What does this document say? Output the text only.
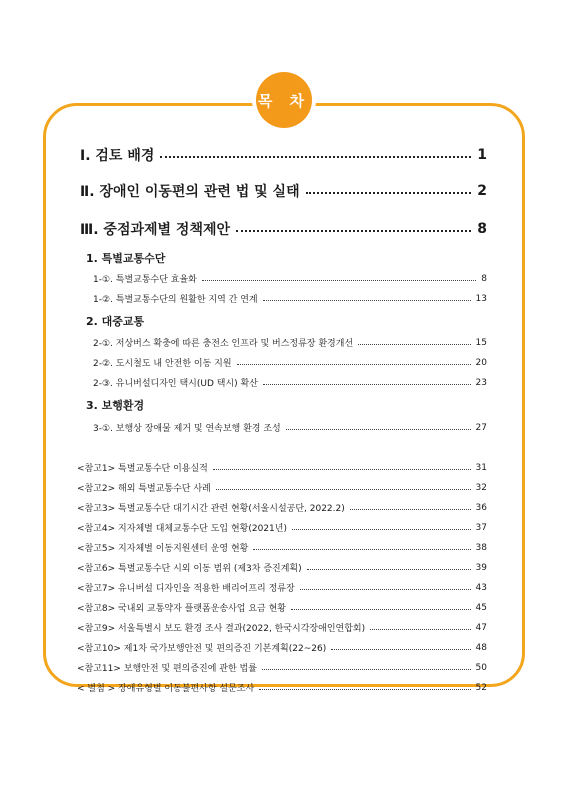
목 차
Ⅰ. 검토 배경	1
Ⅱ. 장애인 이동편의 관련 법 및 실태	2
Ⅲ. 중점과제별 정책제안	8
1. 특별교통수단
1-①. 특별교통수단 효율화	8
1-②. 특별교통수단의 원활한 지역 간 연계	13
2. 대중교통
2-①. 저상버스 확충에 따른 충전소 인프라 및 버스정류장 환경개선	15
2-②. 도시철도 내 안전한 이동 지원	20
2-③. 유니버설디자인 택시(UD 택시) 확산	23
3. 보행환경
3-①. 보행상 장애물 제거 및 연속보행 환경 조성	27
<참고1> 특별교통수단 이용실적	31
<참고2> 해외 특별교통수단 사례	32
<참고3> 특별교통수단 대기시간 관련 현황(서울시설공단, 2022.2)	36
<참고4> 지자체별 대체교통수단 도입 현황(2021년)	37
<참고5> 지자체별 이동지원센터 운영 현황	38
<참고6> 특별교통수단 시외 이동 범위 (제3차 증진계획)	39
<참고7> 유니버설 디자인을 적용한 배리어프리 정류장	43
<참고8> 국내외 교통약자 플랫폼운송사업 요금 현황	45
<참고9> 서울특별시 보도 환경 조사 결과(2022, 한국시각장애인연합회)	47
<참고10> 제1차 국가보행안전 및 편의증진 기본계획(22~26)	48
<참고11> 보행안전 및 편의증진에 관한 법률	50
< 별첨 > 장애유형별 이동불편사항 설문조사	52
